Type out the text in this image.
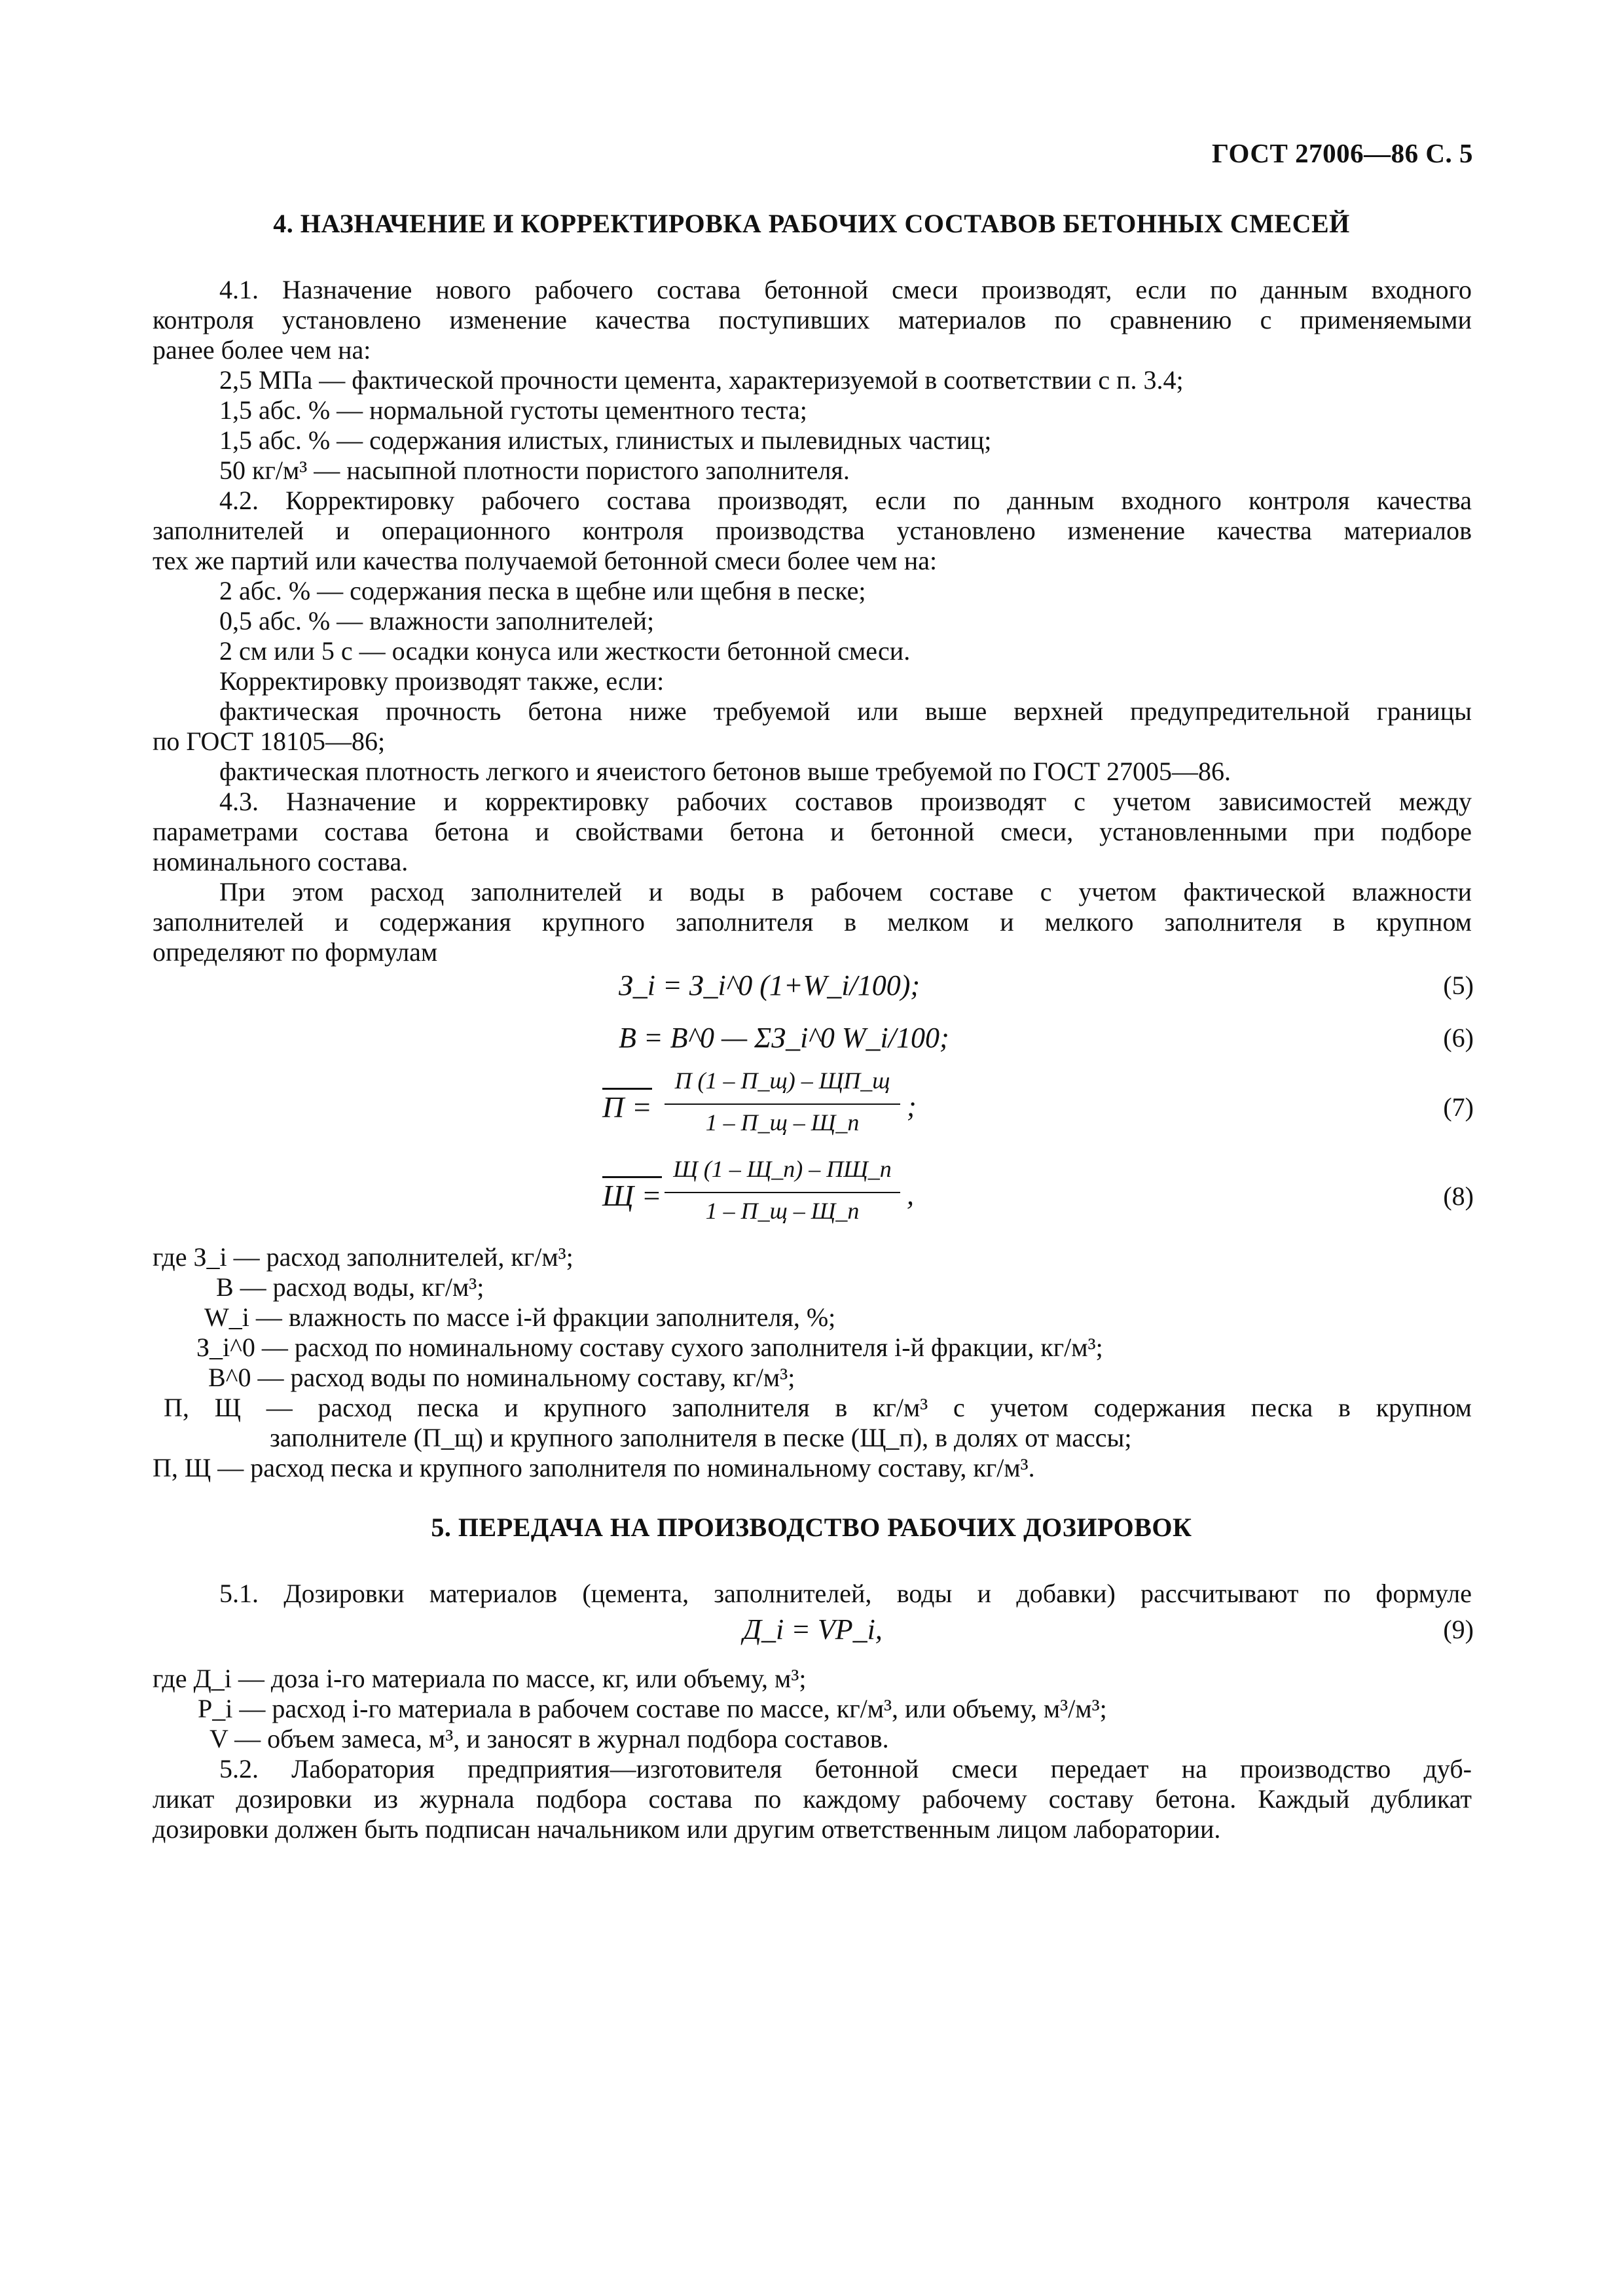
ГОСТ 27006—86 С. 5
4. НАЗНАЧЕНИЕ И КОРРЕКТИРОВКА РАБОЧИХ СОСТАВОВ БЕТОННЫХ СМЕСЕЙ
4.1. Назначение нового рабочего состава бетонной смеси производят, если по данным входного
контроля установлено изменение качества поступивших материалов по сравнению с применяемыми
ранее более чем на:
2,5 МПа — фактической прочности цемента, характеризуемой в соответствии с п. 3.4;
1,5 абс. % — нормальной густоты цементного теста;
1,5 абс. % — содержания илистых, глинистых и пылевидных частиц;
50 кг/м³ — насыпной плотности пористого заполнителя.
4.2. Корректировку рабочего состава производят, если по данным входного контроля качества
заполнителей и операционного контроля производства установлено изменение качества материалов
тех же партий или качества получаемой бетонной смеси более чем на:
2 абс. % — содержания песка в щебне или щебня в песке;
0,5 абс. % — влажности заполнителей;
2 см или 5 с — осадки конуса или жесткости бетонной смеси.
Корректировку производят также, если:
фактическая прочность бетона ниже требуемой или выше верхней предупредительной границы
по ГОСТ 18105—86;
фактическая плотность легкого и ячеистого бетонов выше требуемой по ГОСТ 27005—86.
4.3. Назначение и корректировку рабочих составов производят с учетом зависимостей между
параметрами состава бетона и свойствами бетона и бетонной смеси, установленными при подборе
номинального состава.
При этом расход заполнителей и воды в рабочем составе с учетом фактической влажности
заполнителей и содержания крупного заполнителя в мелком и мелкого заполнителя в крупном
определяют по формулам
З_i = З_i^0 (1+W_i/100);	(5)
В = В^0 — ΣЗ_i^0 W_i/100;	(6)
П =
П (1 – П_щ) – ЩП_щ
1 – П_щ – Щ_п	;	(7)
Щ =
Щ (1 – Щ_п) – ПЩ_п
1 – П_щ – Щ_п	,	(8)
где З_i — расход заполнителей, кг/м³;
В — расход воды, кг/м³;
W_i — влажность по массе i-й фракции заполнителя, %;
З_i^0 — расход по номинальному составу сухого заполнителя i-й фракции, кг/м³;
В^0 — расход воды по номинальному составу, кг/м³;
П, Щ — расход песка и крупного заполнителя в кг/м³ с учетом содержания песка в крупном
заполнителе (П_щ) и крупного заполнителя в песке (Щ_п), в долях от массы;
П, Щ — расход песка и крупного заполнителя по номинальному составу, кг/м³.
5. ПЕРЕДАЧА НА ПРОИЗВОДСТВО РАБОЧИХ ДОЗИРОВОК
5.1. Дозировки материалов (цемента, заполнителей, воды и добавки) рассчитывают по формуле
Д_i = VP_i,	(9)
где Д_i — доза i-го материала по массе, кг, или объему, м³;
P_i — расход i-го материала в рабочем составе по массе, кг/м³, или объему, м³/м³;
V — объем замеса, м³, и заносят в журнал подбора составов.
5.2. Лаборатория предприятия—изготовителя бетонной смеси передает на производство дуб-
ликат дозировки из журнала подбора состава по каждому рабочему составу бетона. Каждый дубликат
дозировки должен быть подписан начальником или другим ответственным лицом лаборатории.
